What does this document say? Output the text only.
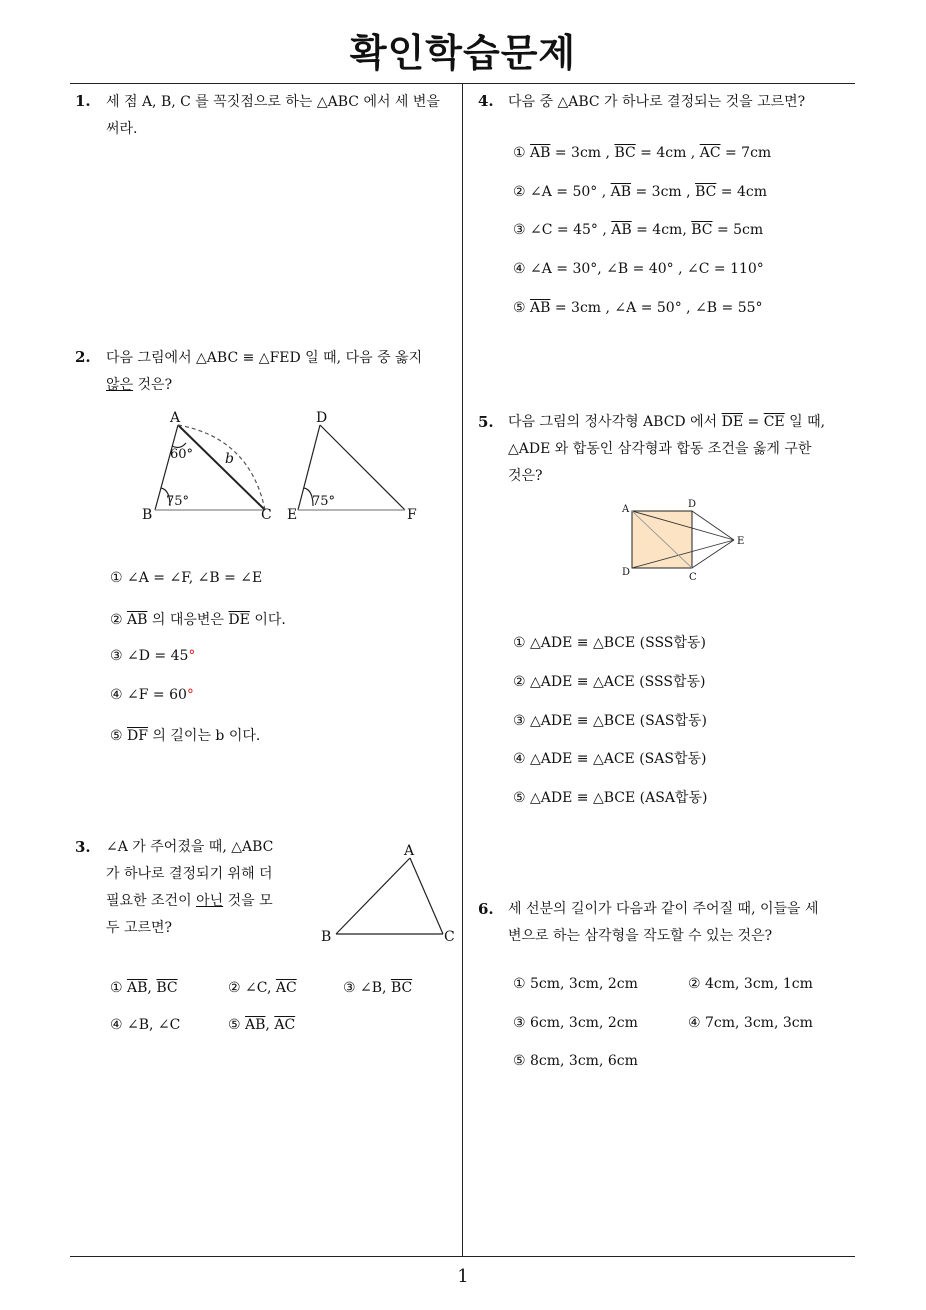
확인학습문제
1
1. 세 점 A, B, C 를 꼭짓점으로 하는 △ABC 에서 세 변을 써라.
2. 다음 그림에서 △ABC ≡ △FED 일 때, 다음 중 옳지
않은 것은?
A
B	C
D
E	F
60°
75°	75°
b
① ∠A = ∠F, ∠B = ∠E
② $\overline{AB}$ 의 대응변은 $\overline{DE}$ 이다.
③ ∠D = 45°
④ ∠F = 60°
⑤ $\overline{DF}$ 의 길이는 b 이다.
3. ∠A 가 주어졌을 때, △ABC
가 하나로 결정되기 위해 더
필요한 조건이 아닌 것을 모
두 고르면?
A
B	C
① $\overline{AB}$, $\overline{BC}$	② ∠C, $\overline{AC}$	③ ∠B, $\overline{BC}$
④ ∠B, ∠C	⑤ $\overline{AB}$, $\overline{AC}$
4. 다음 중 △ABC 가 하나로 결정되는 것을 고르면?
① $\overline{AB} = 3cm$ , $\overline{BC} = 4cm$ , $\overline{AC} = 7cm$
② ∠A = 50° , $\overline{AB} = 3cm$ , $\overline{BC} = 4cm$
③ ∠C = 45° , $\overline{AB} = 4cm$, $\overline{BC} = 5cm$
④ ∠A = 30°, ∠B = 40° , ∠C = 110°
⑤ $\overline{AB} = 3cm$ , ∠A = 50° , ∠B = 55°
5. 다음 그림의 정사각형 ABCD 에서 $\overline{DE} = \overline{CE}$ 일 때,
△ADE 와 합동인 삼각형과 합동 조건을 옳게 구한
것은?
A	D
D	C
E
① △ADE ≡ △BCE (SSS합동)
② △ADE ≡ △ACE (SSS합동)
③ △ADE ≡ △BCE (SAS합동)
④ △ADE ≡ △ACE (SAS합동)
⑤ △ADE ≡ △BCE (ASA합동)
6. 세 선분의 길이가 다음과 같이 주어질 때, 이들을 세
변으로 하는 삼각형을 작도할 수 있는 것은?
① 5cm, 3cm, 2cm	② 4cm, 3cm, 1cm
③ 6cm, 3cm, 2cm	④ 7cm, 3cm, 3cm
⑤ 8cm, 3cm, 6cm
